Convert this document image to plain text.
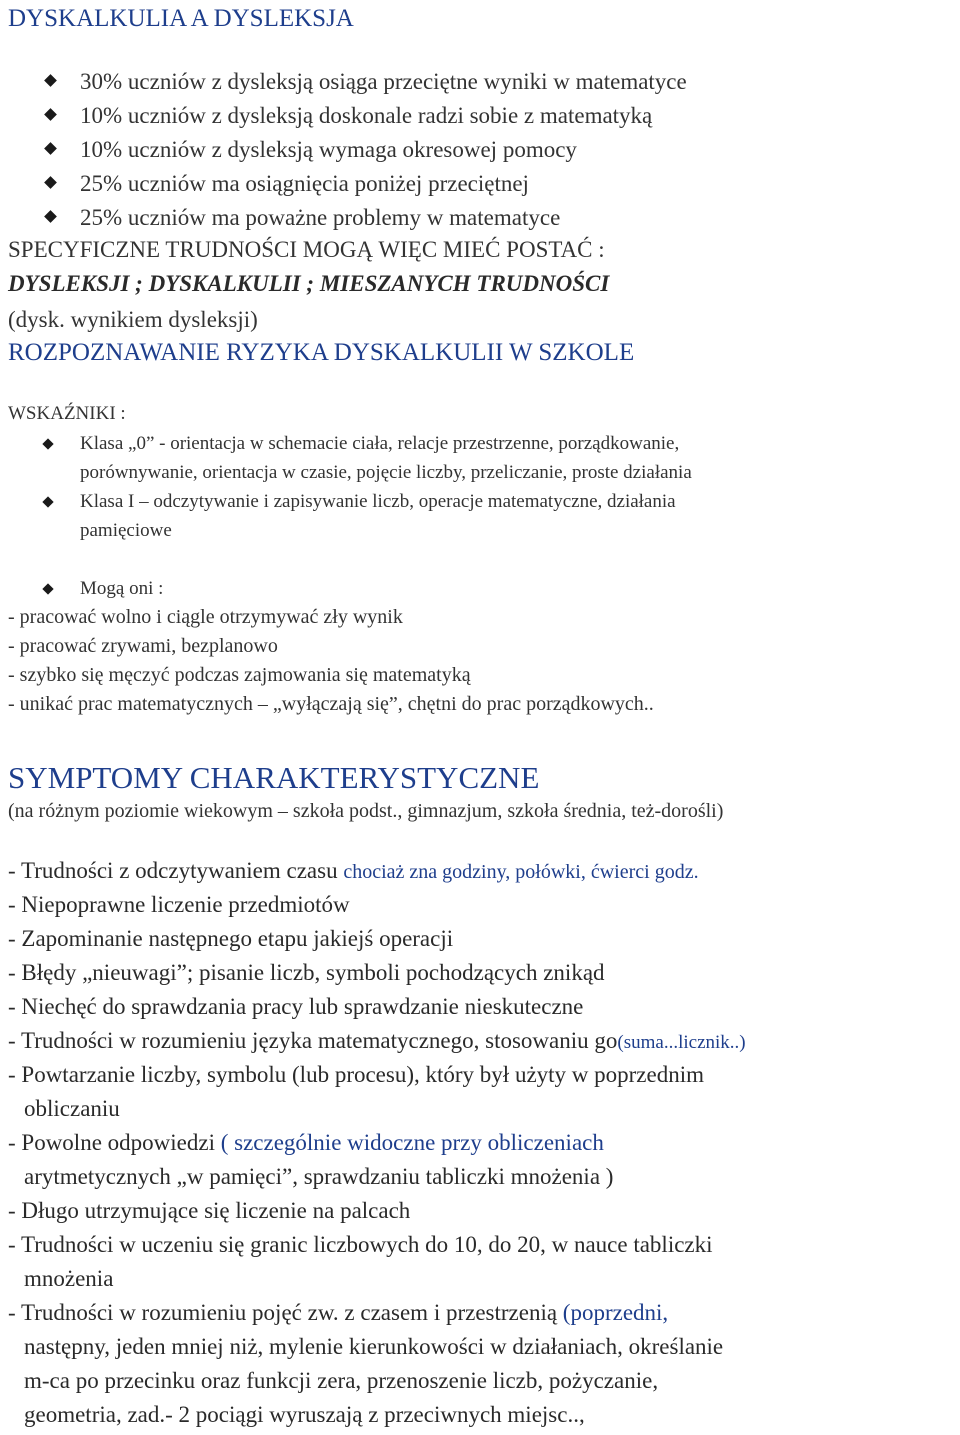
DYSKALKULIA A DYSLEKSJA
30% uczniów z dysleksją osiąga przeciętne wyniki w matematyce
10% uczniów z dysleksją doskonale radzi sobie z matematyką
10% uczniów z dysleksją wymaga okresowej pomocy
25% uczniów ma osiągnięcia poniżej przeciętnej
25% uczniów ma poważne problemy w matematyce
SPECYFICZNE TRUDNOŚCI MOGĄ WIĘC MIEĆ POSTAĆ :
DYSLEKSJI ; DYSKALKULII ; MIESZANYCH TRUDNOŚCI
(dysk. wynikiem dysleksji)
ROZPOZNAWANIE RYZYKA DYSKALKULII W SZKOLE
WSKAŹNIKI :
Klasa „0” - orientacja w schemacie ciała, relacje przestrzenne, porządkowanie,
porównywanie, orientacja w czasie, pojęcie liczby, przeliczanie, proste działania
Klasa I – odczytywanie i zapisywanie liczb, operacje matematyczne, działania
pamięciowe
Mogą oni :
- pracować wolno i ciągle otrzymywać zły wynik
- pracować zrywami, bezplanowo
- szybko się męczyć podczas zajmowania się matematyką
- unikać prac matematycznych – „wyłączają się”, chętni do prac porządkowych..
SYMPTOMY CHARAKTERYSTYCZNE
(na różnym poziomie wiekowym – szkoła podst., gimnazjum, szkoła średnia, też-dorośli)
- Trudności z odczytywaniem czasu chociaż zna godziny, połówki, ćwierci godz.
- Niepoprawne liczenie przedmiotów
- Zapominanie następnego etapu jakiejś operacji
- Błędy „nieuwagi”; pisanie liczb, symboli pochodzących znikąd
- Niechęć do sprawdzania pracy lub sprawdzanie nieskuteczne
- Trudności w rozumieniu języka matematycznego, stosowaniu go(suma...licznik..)
- Powtarzanie liczby, symbolu (lub procesu), który był użyty w poprzednim
obliczaniu
- Powolne odpowiedzi ( szczególnie widoczne przy obliczeniach
arytmetycznych „w pamięci”, sprawdzaniu tabliczki mnożenia )
- Długo utrzymujące się liczenie na palcach
- Trudności w uczeniu się granic liczbowych do 10, do 20, w nauce tabliczki
mnożenia
- Trudności w rozumieniu pojęć zw. z czasem i przestrzenią (poprzedni,
następny, jeden mniej niż, mylenie kierunkowości w działaniach, określanie
m-ca po przecinku oraz funkcji zera, przenoszenie liczb, pożyczanie,
geometria, zad.- 2 pociągi wyruszają z przeciwnych miejsc..,
